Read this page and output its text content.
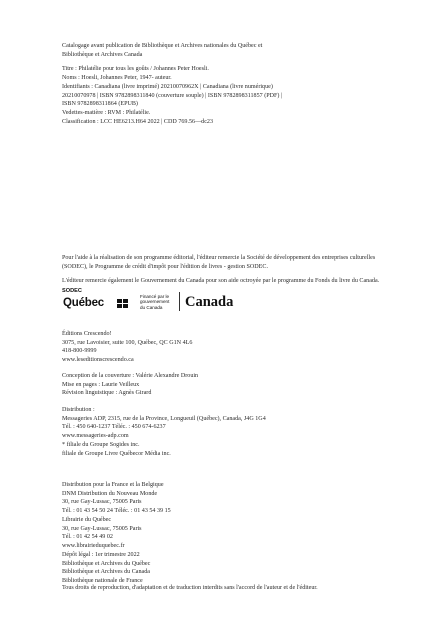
Catalogage avant publication de Bibliothèque et Archives nationales du Québec et
Bibliothèque et Archives Canada
Titre : Philatélie pour tous les goûts / Johannes Peter Hoesli.
Noms : Hoesli, Johannes Peter, 1947- auteur.
Identifiants : Canadiana (livre imprimé) 20210070962X | Canadiana (livre numérique)
20210070978 | ISBN 9782898311840 (couverture souple) | ISBN 9782898311857 (PDF) |
ISBN 9782898311864 (EPUB)
Vedettes-matière : RVM : Philatélie.
Classification : LCC HE6213.H64 2022 | CDD 769.56—dc23
Pour l'aide à la réalisation de son programme éditorial, l'éditeur remercie la Société de développement des entreprises culturelles (SODEC), le Programme de crédit d'impôt pour l'édition de livres - gestion SODEC.
L'éditeur remercie également le Gouvernement du Canada pour son aide octroyée par le programme du Fonds du livre du Canada.
SODEC
Québec
Financé par le
gouvernement
du Canada	Canada
Éditions Crescendo!
3075, rue Lavoisier, suite 100, Québec, QC G1N 4L6
418-800-9999
www.leseditionscrescendo.ca
Conception de la couverture : Valérie Alexandre Drouin
Mise en pages : Laurie Veilleux
Révision linguistique : Agnès Girard
Distribution :
Messageries ADP, 2315, rue de la Province, Longueuil (Québec), Canada, J4G 1G4
Tél. : 450 640-1237 Téléc. : 450 674-6237
www.messageries-adp.com
* filiale du Groupe Sogides inc.
filiale de Groupe Livre Québecor Média inc.
Distribution pour la France et la Belgique
DNM Distribution du Nouveau Monde
30, rue Gay-Lussac, 75005 Paris
Tél. : 01 43 54 50 24 Téléc. : 01 43 54 39 15
Librairie du Québec
30, rue Gay-Lussac, 75005 Paris
Tél. : 01 42 54 49 02
www.librairieduquebec.fr
Dépôt légal : 1er trimestre 2022
Bibliothèque et Archives du Québec
Bibliothèque et Archives du Canada
Bibliothèque nationale de France
Tous droits de reproduction, d'adaptation et de traduction interdits sans l'accord de l'auteur et de l'éditeur.
